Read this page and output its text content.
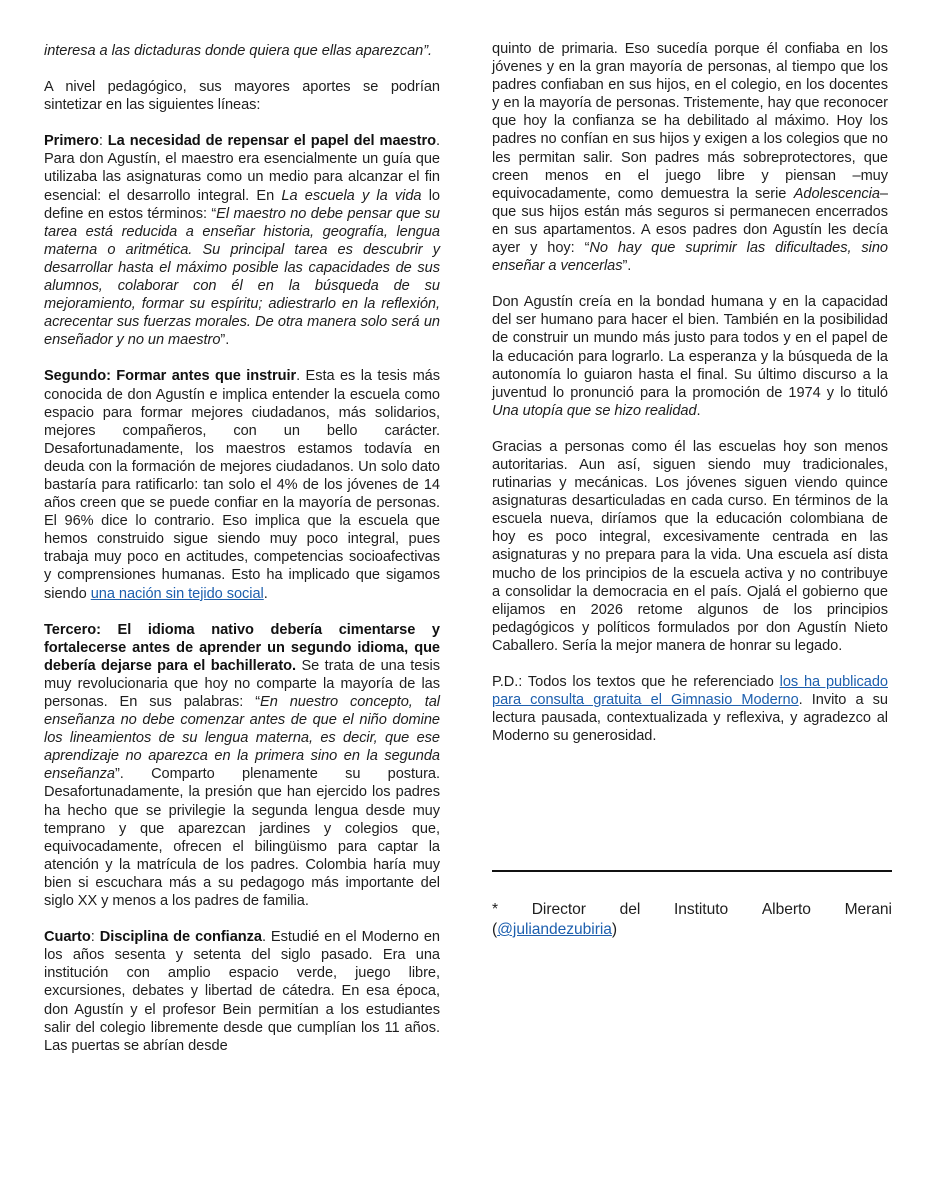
interesa a las dictaduras donde quiera que ellas aparezcan”.

A nivel pedagógico, sus mayores aportes se podrían sintetizar en las siguientes líneas:

Primero: La necesidad de repensar el papel del maestro. Para don Agustín, el maestro era esencialmente un guía que utilizaba las asignaturas como un medio para alcanzar el fin esencial: el desarrollo integral. En La escuela y la vida lo define en estos términos: “El maestro no debe pensar que su tarea está reducida a enseñar historia, geografía, lengua materna o aritmética. Su principal tarea es descubrir y desarrollar hasta el máximo posible las capacidades de sus alumnos, colaborar con él en la búsqueda de su mejoramiento, formar su espíritu; adiestrarlo en la reflexión, acrecentar sus fuerzas morales. De otra manera solo será un enseñador y no un maestro”.

Segundo: Formar antes que instruir. Esta es la tesis más conocida de don Agustín e implica entender la escuela como espacio para formar mejores ciudadanos, más solidarios, mejores compañeros, con un bello carácter. Desafortunadamente, los maestros estamos todavía en deuda con la formación de mejores ciudadanos. Un solo dato bastaría para ratificarlo: tan solo el 4% de los jóvenes de 14 años creen que se puede confiar en la mayoría de personas. El 96% dice lo contrario. Eso implica que la escuela que hemos construido sigue siendo muy poco integral, pues trabaja muy poco en actitudes, competencias socioafectivas y comprensiones humanas. Esto ha implicado que sigamos siendo una nación sin tejido social.

Tercero: El idioma nativo debería cimentarse y fortalecerse antes de aprender un segundo idioma, que debería dejarse para el bachillerato. Se trata de una tesis muy revolucionaria que hoy no comparte la mayoría de las personas. En sus palabras: “En nuestro concepto, tal enseñanza no debe comenzar antes de que el niño domine los lineamientos de su lengua materna, es decir, que ese aprendizaje no aparezca en la primera sino en la segunda enseñanza”. Comparto plenamente su postura. Desafortunadamente, la presión que han ejercido los padres ha hecho que se privilegie la segunda lengua desde muy temprano y que aparezcan jardines y colegios que, equivocadamente, ofrecen el bilingüismo para captar la atención y la matrícula de los padres. Colombia haría muy bien si escuchara más a su pedagogo más importante del siglo XX y menos a los padres de familia.

Cuarto: Disciplina de confianza. Estudié en el Moderno en los años sesenta y setenta del siglo pasado. Era una institución con amplio espacio verde, juego libre, excursiones, debates y libertad de cátedra. En esa época, don Agustín y el profesor Bein permitían a los estudiantes salir del colegio libremente desde que cumplían los 11 años. Las puertas se abrían desde

quinto de primaria. Eso sucedía porque él confiaba en los jóvenes y en la gran mayoría de personas, al tiempo que los padres confiaban en sus hijos, en el colegio, en los docentes y en la mayoría de personas. Tristemente, hay que reconocer que hoy la confianza se ha debilitado al máximo. Hoy los padres no confían en sus hijos y exigen a los colegios que no les permitan salir. Son padres más sobreprotectores, que creen menos en el juego libre y piensan –muy equivocadamente, como demuestra la serie Adolescencia– que sus hijos están más seguros si permanecen encerrados en sus apartamentos. A esos padres don Agustín les decía ayer y hoy: “No hay que suprimir las dificultades, sino enseñar a vencerlas”.

Don Agustín creía en la bondad humana y en la capacidad del ser humano para hacer el bien. También en la posibilidad de construir un mundo más justo para todos y en el papel de la educación para lograrlo. La esperanza y la búsqueda de la autonomía lo guiaron hasta el final. Su último discurso a la juventud lo pronunció para la promoción de 1974 y lo tituló Una utopía que se hizo realidad.

Gracias a personas como él las escuelas hoy son menos autoritarias. Aun así, siguen siendo muy tradicionales, rutinarias y mecánicas. Los jóvenes siguen viendo quince asignaturas desarticuladas en cada curso. En términos de la escuela nueva, diríamos que la educación colombiana de hoy es poco integral, excesivamente centrada en las asignaturas y no prepara para la vida. Una escuela así dista mucho de los principios de la escuela activa y no contribuye a consolidar la democracia en el país. Ojalá el gobierno que elijamos en 2026 retome algunos de los principios pedagógicos y políticos formulados por don Agustín Nieto Caballero. Sería la mejor manera de honrar su legado.

P.D.: Todos los textos que he referenciado los ha publicado para consulta gratuita el Gimnasio Moderno. Invito a su lectura pausada, contextualizada y reflexiva, y agradezco al Moderno su generosidad.

* Director del Instituto Alberto Merani

(@juliandezubiria)
